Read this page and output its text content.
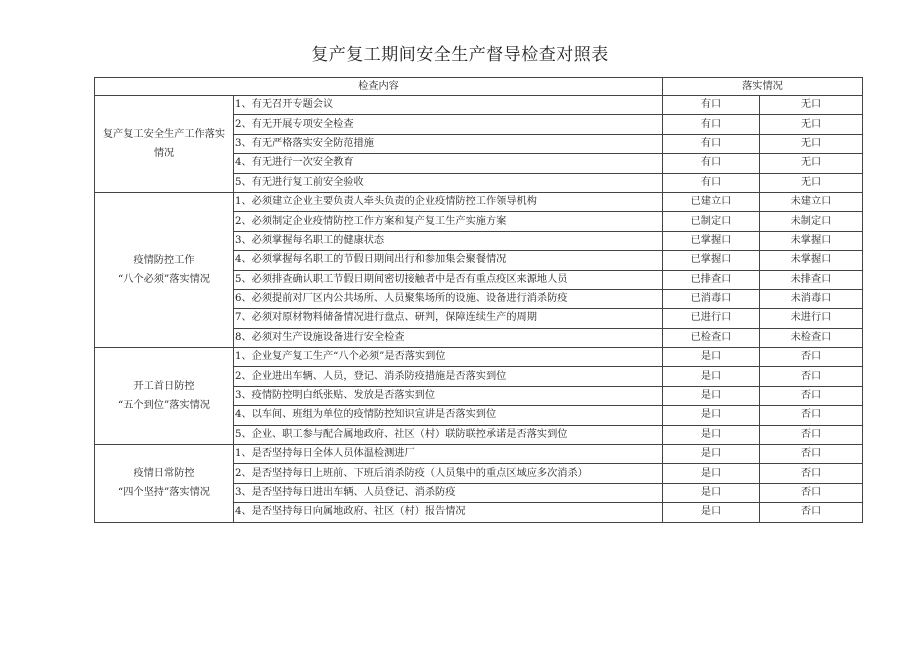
复产复工期间安全生产督导检查对照表
检查内容		落实情况	
复产复工安全生产工作落实
情况	1、有无召开专题会议	有口	无口
	2、有无开展专项安全检查	有口	无口
	3、有无严格落实安全防范措施	有口	无口
	4、有无进行一次安全教育	有口	无口
	5、有无进行复工前安全验收	有口	无口
疫情防控工作
“八个必须”落实情况	1、必须建立企业主要负责人牵头负责的企业疫情防控工作领导机构	已建立口	未建立口
	2、必须制定企业疫情防控工作方案和复产复工生产实施方案	已制定口	未制定口
	3、必须掌握每名职工的健康状态	已掌握口	未掌握口
	4、必须掌握每名职工的节假日期间出行和参加集会聚餐情况	已掌握口	未掌握口
	5、必须排查确认职工节假日期间密切接触者中是否有重点疫区来源地人员	已排查口	未排查口
	6、必须提前对厂区内公共场所、人员聚集场所的设施、设备进行消杀防疫	已消毒口	未消毒口
	7、必须对原材物料储备情况进行盘点、研判，保障连续生产的周期	已进行口	未进行口
	8、必须对生产设施设备进行安全检查	已检查口	未检查口
开工首日防控
“五个到位”落实情况	1、企业复产复工生产“八个必须”是否落实到位	是口	否口
	2、企业进出车辆、人员，登记、消杀防疫措施是否落实到位	是口	否口
	3、疫情防控明白纸张贴、发放是否落实到位	是口	否口
	4、以车间、班组为单位的疫情防控知识宣讲是否落实到位	是口	否口
	5、企业、职工参与配合属地政府、社区（村）联防联控承诺是否落实到位	是口	否口
疫情日常防控
“四个坚持”落实情况	1、是否坚持每日全体人员体温检测进厂	是口	否口
	2、是否坚持每日上班前、下班后消杀防疫（人员集中的重点区域应多次消杀）	是口	否口
	3、是否坚持每日进出车辆、人员登记、消杀防疫	是口	否口
	4、是否坚持每日向属地政府、社区（村）报告情况	是口	否口
